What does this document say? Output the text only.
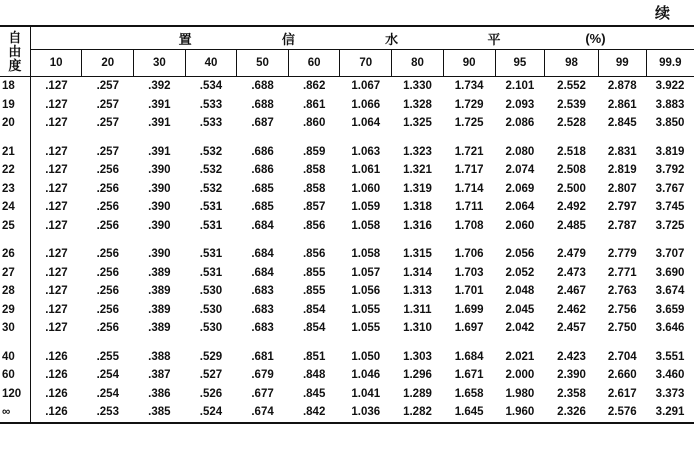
续
自
由
度			置		信		水		平		(%)		
	10	20	30	40	50	60	70	80	90	95	98	99	99.9
18	.127	.257	.392	.534	.688	.862	1.067	1.330	1.734	2.101	2.552	2.878	3.922
19	.127	.257	.391	.533	.688	.861	1.066	1.328	1.729	2.093	2.539	2.861	3.883
20	.127	.257	.391	.533	.687	.860	1.064	1.325	1.725	2.086	2.528	2.845	3.850

21	.127	.257	.391	.532	.686	.859	1.063	1.323	1.721	2.080	2.518	2.831	3.819
22	.127	.256	.390	.532	.686	.858	1.061	1.321	1.717	2.074	2.508	2.819	3.792
23	.127	.256	.390	.532	.685	.858	1.060	1.319	1.714	2.069	2.500	2.807	3.767
24	.127	.256	.390	.531	.685	.857	1.059	1.318	1.711	2.064	2.492	2.797	3.745
25	.127	.256	.390	.531	.684	.856	1.058	1.316	1.708	2.060	2.485	2.787	3.725

26	.127	.256	.390	.531	.684	.856	1.058	1.315	1.706	2.056	2.479	2.779	3.707
27	.127	.256	.389	.531	.684	.855	1.057	1.314	1.703	2.052	2.473	2.771	3.690
28	.127	.256	.389	.530	.683	.855	1.056	1.313	1.701	2.048	2.467	2.763	3.674
29	.127	.256	.389	.530	.683	.854	1.055	1.311	1.699	2.045	2.462	2.756	3.659
30	.127	.256	.389	.530	.683	.854	1.055	1.310	1.697	2.042	2.457	2.750	3.646

40	.126	.255	.388	.529	.681	.851	1.050	1.303	1.684	2.021	2.423	2.704	3.551
60	.126	.254	.387	.527	.679	.848	1.046	1.296	1.671	2.000	2.390	2.660	3.460
120	.126	.254	.386	.526	.677	.845	1.041	1.289	1.658	1.980	2.358	2.617	3.373
∞	.126	.253	.385	.524	.674	.842	1.036	1.282	1.645	1.960	2.326	2.576	3.291
